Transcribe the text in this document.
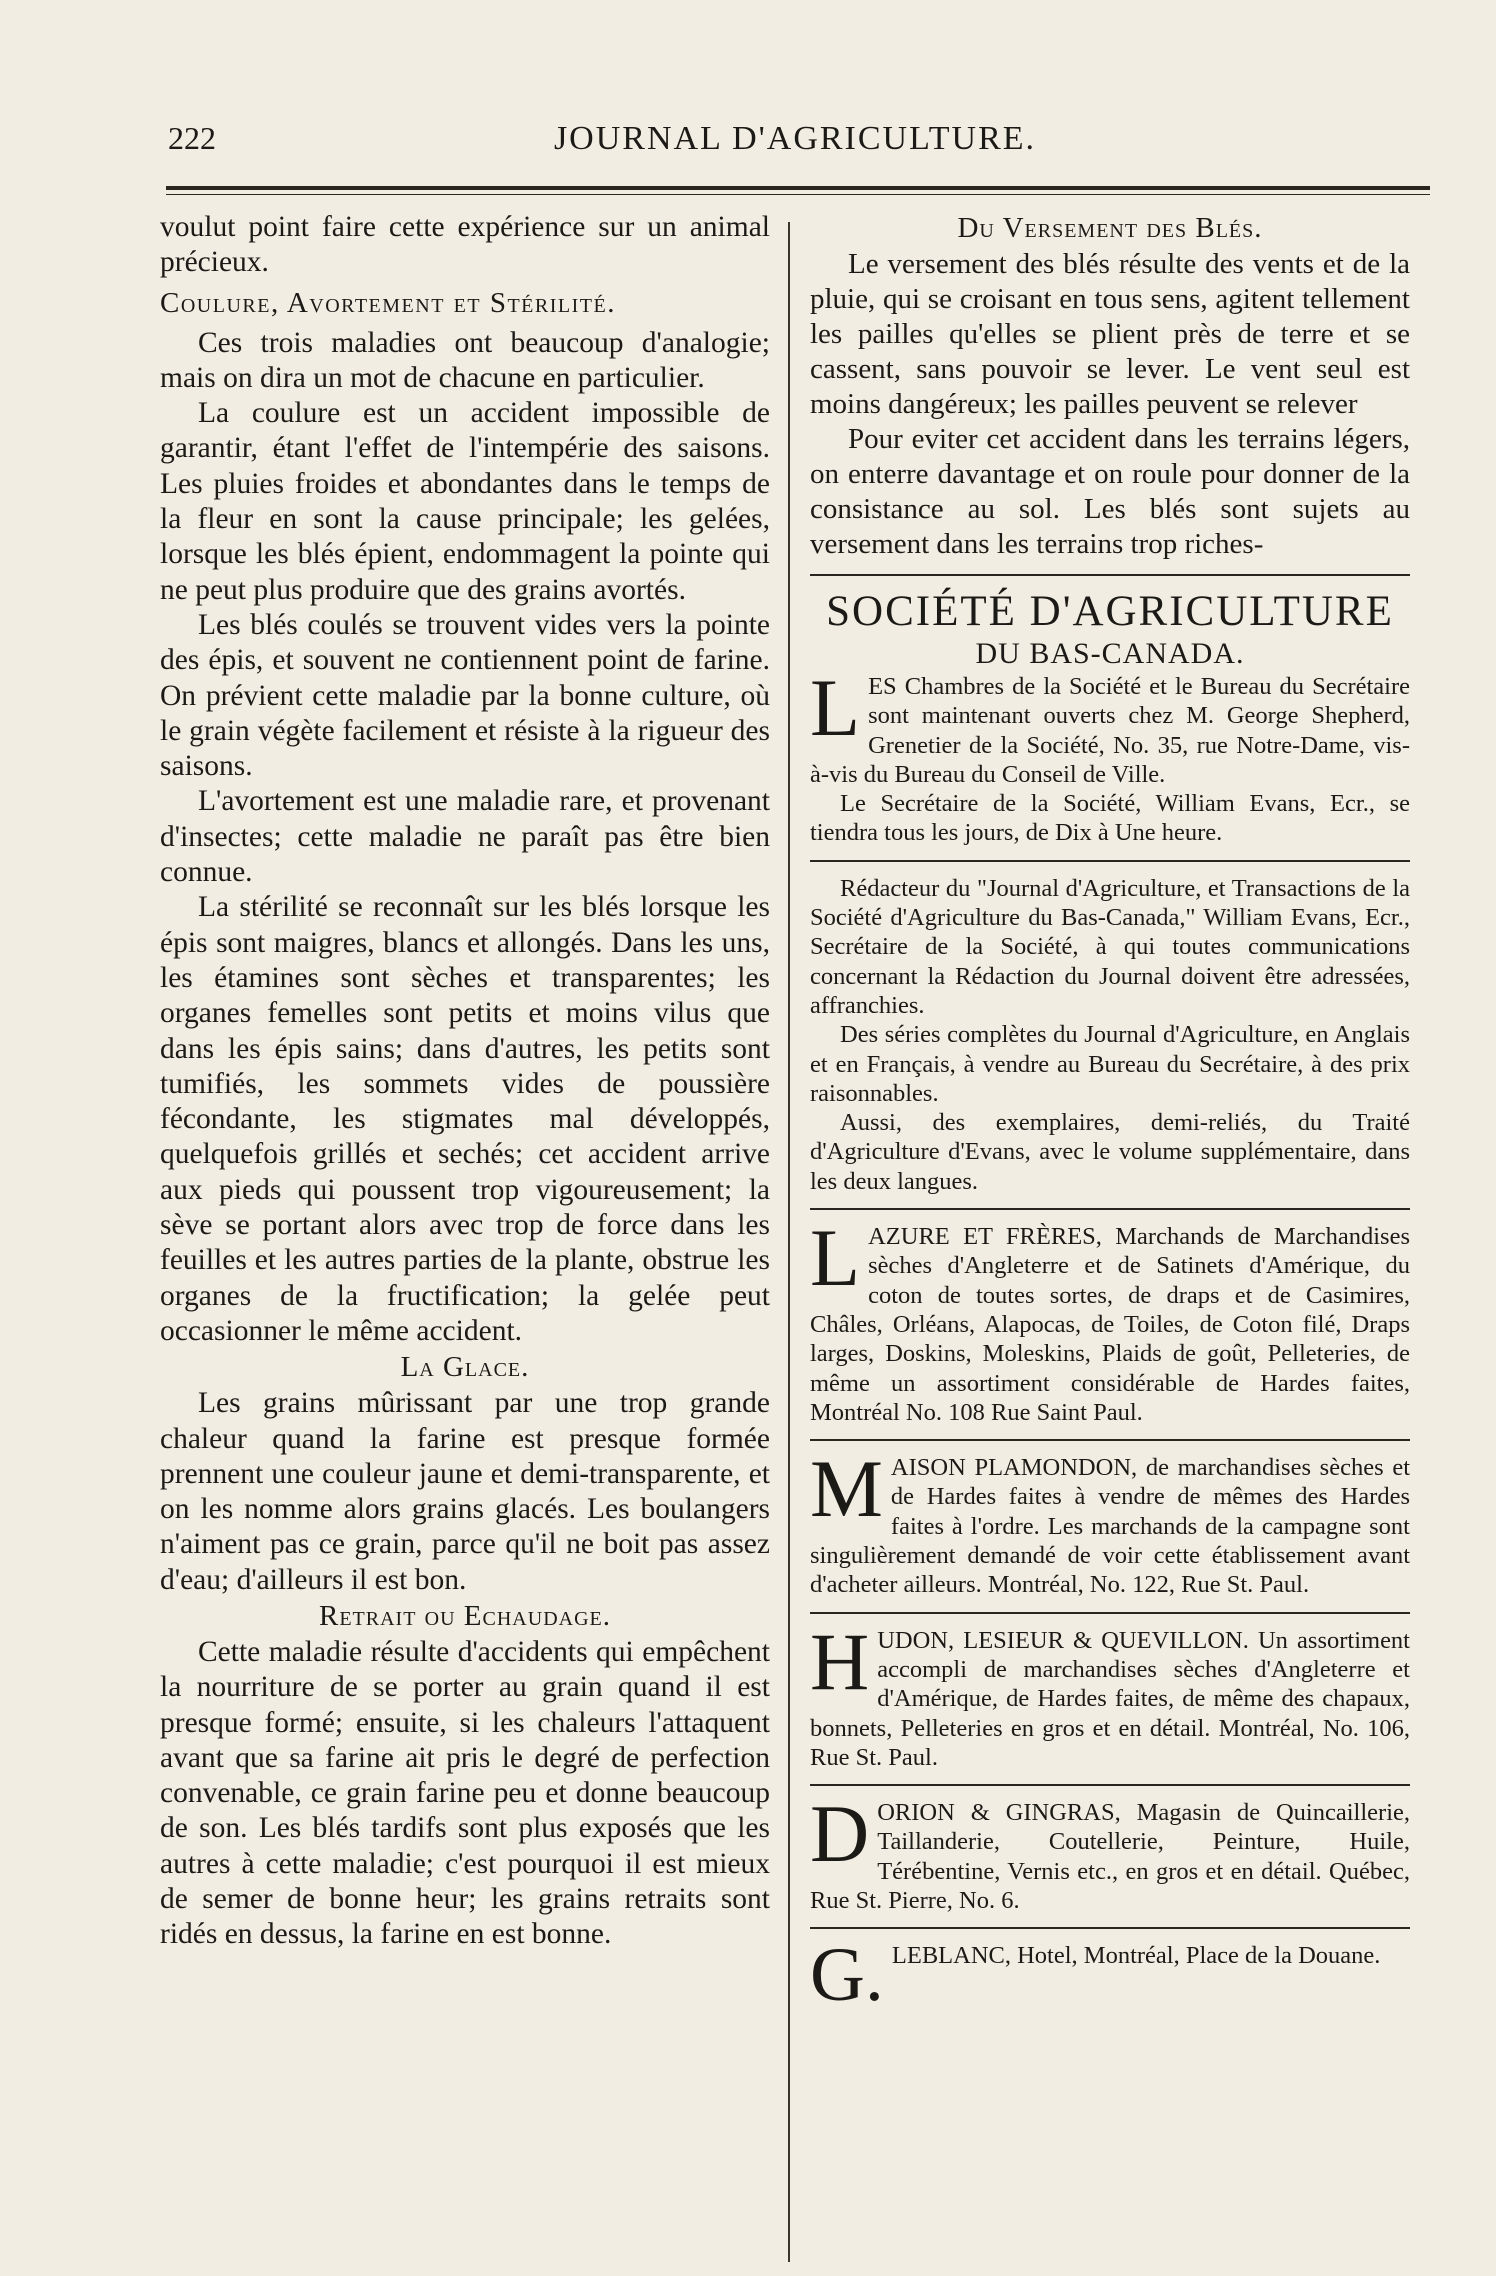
222	JOURNAL D'AGRICULTURE.

voulut point faire cette expérience sur un animal précieux.

Coulure, Avortement et Stérilité.

Ces trois maladies ont beaucoup d'analogie; mais on dira un mot de chacune en particulier.

La coulure est un accident impossible de garantir, étant l'effet de l'intempérie des saisons. Les pluies froides et abondantes dans le temps de la fleur en sont la cause principale; les gelées, lorsque les blés épient, endommagent la pointe qui ne peut plus produire que des grains avortés.

Les blés coulés se trouvent vides vers la pointe des épis, et souvent ne contiennent point de farine. On prévient cette maladie par la bonne culture, où le grain végète facilement et résiste à la rigueur des saisons.

L'avortement est une maladie rare, et provenant d'insectes; cette maladie ne paraît pas être bien connue.

La stérilité se reconnaît sur les blés lorsque les épis sont maigres, blancs et allongés. Dans les uns, les étamines sont sèches et transparentes; les organes femelles sont petits et moins vilus que dans les épis sains; dans d'autres, les petits sont tumifiés, les sommets vides de poussière fécondante, les stigmates mal développés, quelquefois grillés et sechés; cet accident arrive aux pieds qui poussent trop vigoureusement; la sève se portant alors avec trop de force dans les feuilles et les autres parties de la plante, obstrue les organes de la fructification; la gelée peut occasionner le même accident.

La Glace.

Les grains mûrissant par une trop grande chaleur quand la farine est presque formée prennent une couleur jaune et demi-transparente, et on les nomme alors grains glacés. Les boulangers n'aiment pas ce grain, parce qu'il ne boit pas assez d'eau; d'ailleurs il est bon.

Retrait ou Echaudage.

Cette maladie résulte d'accidents qui empêchent la nourriture de se porter au grain quand il est presque formé; ensuite, si les chaleurs l'attaquent avant que sa farine ait pris le degré de perfection convenable, ce grain farine peu et donne beaucoup de son. Les blés tardifs sont plus exposés que les autres à cette maladie; c'est pourquoi il est mieux de semer de bonne heur; les grains retraits sont ridés en dessus, la farine en est bonne.

Du Versement des Blés.

Le versement des blés résulte des vents et de la pluie, qui se croisant en tous sens, agitent tellement les pailles qu'elles se plient près de terre et se cassent, sans pouvoir se lever. Le vent seul est moins dangéreux; les pailles peuvent se relever

Pour eviter cet accident dans les terrains légers, on enterre davantage et on roule pour donner de la consistance au sol. Les blés sont sujets au versement dans les terrains trop riches-

SOCIÉTÉ D'AGRICULTURE
DU BAS-CANADA.
L ES Chambres de la Société et le Bureau du Secrétaire sont maintenant ouverts chez M. George Shepherd, Grenetier de la Société, No. 35, rue Notre-Dame, vis-à-vis du Bureau du Conseil de Ville.

Le Secrétaire de la Société, William Evans, Ecr., se tiendra tous les jours, de Dix à Une heure.

Rédacteur du "Journal d'Agriculture, et Transactions de la Société d'Agriculture du Bas-Canada," William Evans, Ecr., Secrétaire de la Société, à qui toutes communications concernant la Rédaction du Journal doivent être adressées, affranchies.

Des séries complètes du Journal d'Agriculture, en Anglais et en Français, à vendre au Bureau du Secrétaire, à des prix raisonnables.

Aussi, des exemplaires, demi-reliés, du Traité d'Agriculture d'Evans, avec le volume supplémentaire, dans les deux langues.

L AZURE ET FRÈRES, Marchands de Marchandises sèches d'Angleterre et de Satinets d'Amérique, du coton de toutes sortes, de draps et de Casimires, Châles, Orléans, Alapocas, de Toiles, de Coton filé, Draps larges, Doskins, Moleskins, Plaids de goût, Pelleteries, de même un assortiment considérable de Hardes faites, Montréal No. 108 Rue Saint Paul.

M AISON PLAMONDON, de marchandises sèches et de Hardes faites à vendre de mêmes des Hardes faites à l'ordre. Les marchands de la campagne sont singulièrement demandé de voir cette établissement avant d'acheter ailleurs. Montréal, No. 122, Rue St. Paul.

H UDON, LESIEUR & QUEVILLON. Un assortiment accompli de marchandises sèches d'Angleterre et d'Amérique, de Hardes faites, de même des chapaux, bonnets, Pelleteries en gros et en détail. Montréal, No. 106, Rue St. Paul.

D ORION & GINGRAS, Magasin de Quincaillerie, Taillanderie, Coutellerie, Peinture, Huile, Térébentine, Vernis etc., en gros et en détail. Québec, Rue St. Pierre, No. 6.

G. LEBLANC, Hotel, Montréal, Place de la Douane.
